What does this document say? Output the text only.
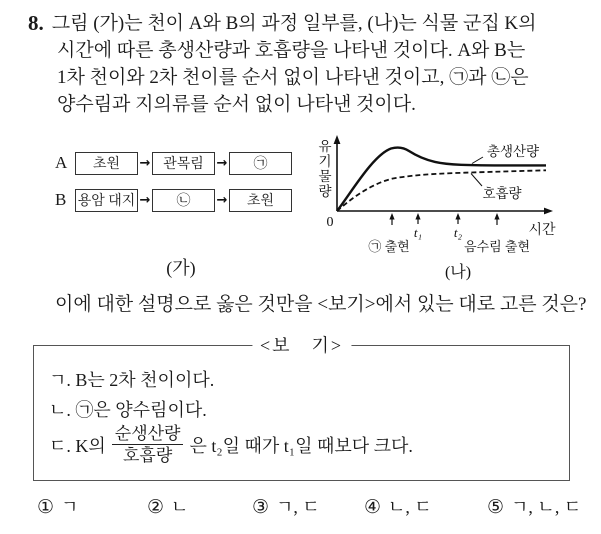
8. 그림 (가)는 천이 A와 B의 과정 일부를, (나)는 식물 군집 K의
시간에 따른 총생산량과 호흡량을 나타낸 것이다. A와 B는
1차 천이와 2차 천이를 순서 없이 나타낸 것이고, ㉠과 ㉡은
양수림과 지의류를 순서 없이 나타낸 것이다.
A	초원	→ 관목림 →	㉠
B 용암 대지 →	㉡	→	초원
(가)
유
기
물
량
0
총생산량
호흡량
t₁ t₂
㉠ 출현	음수림 출현
시간
(나)
이에 대한 설명으로 옳은 것만을 <보기>에서 있는 대로 고른 것은?
<보　기>
ㄱ. B는 2차 천이이다.
ㄴ. ㉠은 양수림이다.
ㄷ. K의 $\frac{\text{순생산량}}{\text{호흡량}}$ 은 t₂일 때가 t₁일 때보다 크다.
① ㄱ	② ㄴ	③ ㄱ, ㄷ ④ ㄴ, ㄷ	⑤ ㄱ, ㄴ, ㄷ
